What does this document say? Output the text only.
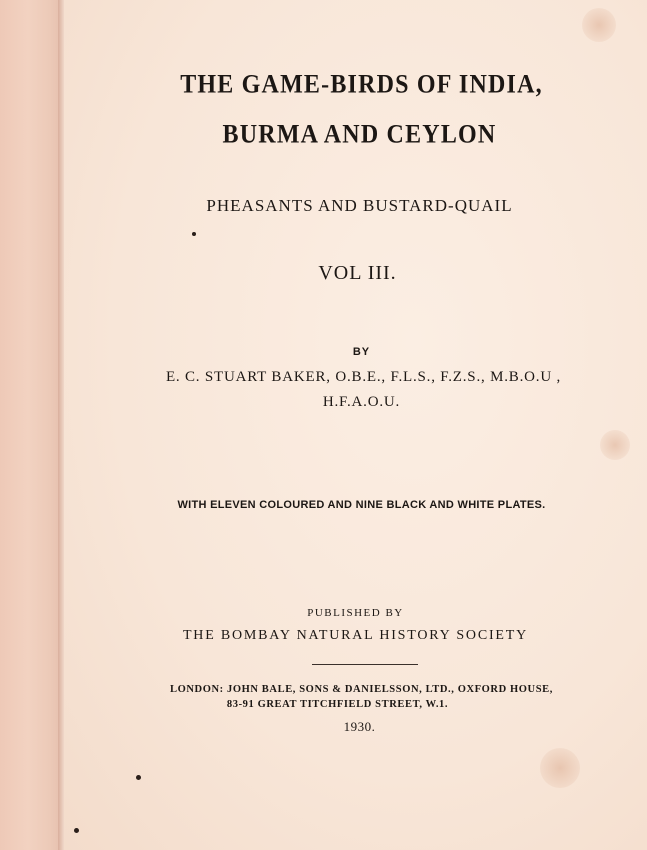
THE GAME-BIRDS OF INDIA,

BURMA AND CEYLON

PHEASANTS AND BUSTARD-QUAIL

VOL III.

BY

E. C. STUART BAKER, O.B.E., F.L.S., F.Z.S., M.B.O.U ,

H.F.A.O.U.

WITH ELEVEN COLOURED AND NINE BLACK AND WHITE PLATES.

PUBLISHED BY

THE BOMBAY NATURAL HISTORY SOCIETY

LONDON: JOHN BALE, SONS & DANIELSSON, LTD., OXFORD HOUSE,

83-91 GREAT TITCHFIELD STREET, W.1.

1930.
